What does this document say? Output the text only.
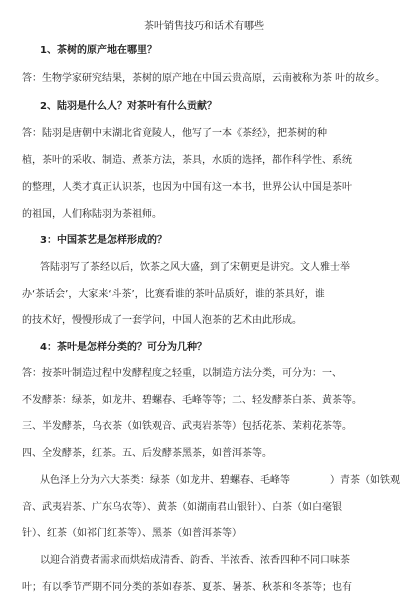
茶叶销售技巧和话术有哪些
1、茶树的原产地在哪里？
答：生物学家研究结果，茶树的原产地在中国云贵高原，云南被称为茶 叶的故乡。
2、陆羽是什么人？对茶叶有什么贡献？
答：陆羽是唐朝中末湖北省竟陵人，他写了一本《茶经》，把茶树的种
植，茶叶的采收、制造、煮茶方法，茶具，水质的选择，都作科学性、系统
的整理，人类才真正认识茶，也因为中国有这一本书，世界公认中国是茶叶
的祖国，人们称陆羽为茶祖师。
3：中国茶艺是怎样形成的？
答陆羽写了茶经以后，饮茶之风大盛，到了宋朝更是讲究。文人雅士举
办‘茶话会’，大家来‘斗茶’，比赛看谁的茶叶品质好，谁的茶具好，谁
的技术好，慢慢形成了一套学问，中国人泡茶的艺术由此形成。
4：茶叶是怎样分类的？可分为几种？
答：按茶叶制造过程中发酵程度之轻重，以制造方法分类，可分为：一、
不发酵茶：绿茶，如龙井、碧螺春、毛峰等等；二、轻发酵茶白茶、黄茶等。
三、半发酵茶，乌衣茶（如铁观音、武夷岩茶等）包括花茶、茉莉花茶等。
四、全发酵茶，红茶。五、后发酵茶黑茶，如普洱茶等。
从色泽上分为六大茶类：绿茶（如龙井、碧螺春、毛峰等　　　　）青茶（如铁观
音、武夷岩茶、广东乌农等）、黄茶（如湖南君山银针）、白茶（如白毫银
针）、红茶（如祁门红茶等）、黑茶（如普洱茶等）
以迎合消费者需求而烘焙成清香、韵香、半浓香、浓香四种不同口味茶
叶；有以季节严期不同分类的茶如春茶、夏茶、暑茶、秋茶和冬茶等；也有
